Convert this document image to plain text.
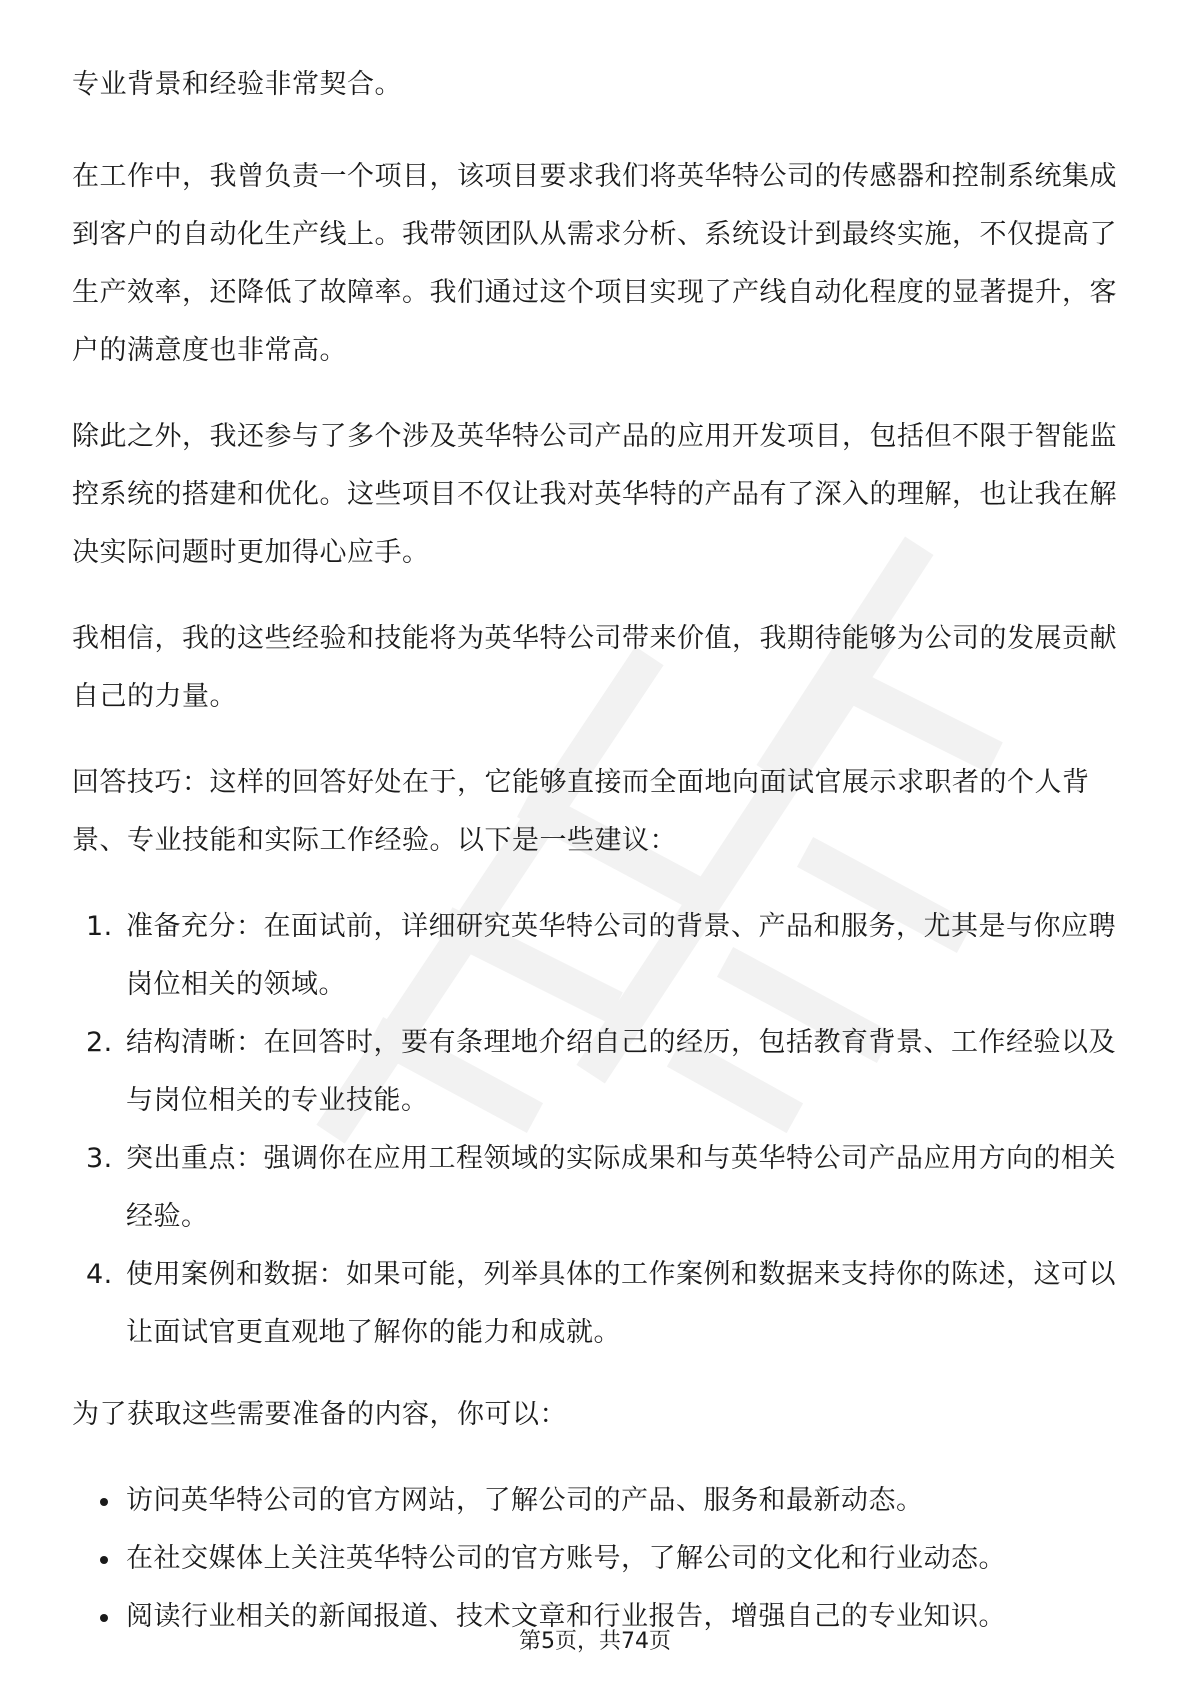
专业背景和经验非常契合。

在工作中，我曾负责一个项目，该项目要求我们将英华特公司的传感器和控制系统集成到客户的自动化生产线上。我带领团队从需求分析、系统设计到最终实施，不仅提高了生产效率，还降低了故障率。我们通过这个项目实现了产线自动化程度的显著提升，客户的满意度也非常高。

除此之外，我还参与了多个涉及英华特公司产品的应用开发项目，包括但不限于智能监控系统的搭建和优化。这些项目不仅让我对英华特的产品有了深入的理解，也让我在解决实际问题时更加得心应手。

我相信，我的这些经验和技能将为英华特公司带来价值，我期待能够为公司的发展贡献自己的力量。

回答技巧：这样的回答好处在于，它能够直接而全面地向面试官展示求职者的个人背景、专业技能和实际工作经验。以下是一些建议：

1. 准备充分：在面试前，详细研究英华特公司的背景、产品和服务，尤其是与你应聘岗位相关的领域。
2. 结构清晰：在回答时，要有条理地介绍自己的经历，包括教育背景、工作经验以及与岗位相关的专业技能。
3. 突出重点：强调你在应用工程领域的实际成果和与英华特公司产品应用方向的相关经验。
4. 使用案例和数据：如果可能，列举具体的工作案例和数据来支持你的陈述，这可以让面试官更直观地了解你的能力和成就。

为了获取这些需要准备的内容，你可以：

访问英华特公司的官方网站，了解公司的产品、服务和最新动态。
在社交媒体上关注英华特公司的官方账号，了解公司的文化和行业动态。
阅读行业相关的新闻报道、技术文章和行业报告，增强自己的专业知识。
第5页，共74页
